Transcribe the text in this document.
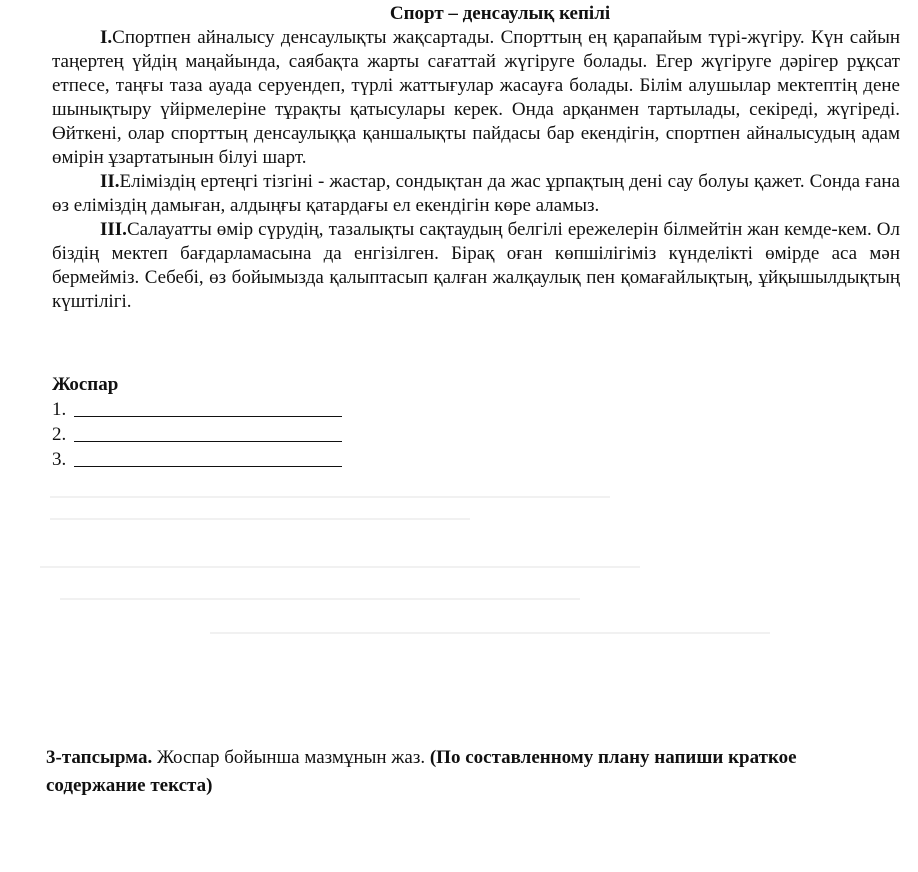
Спорт – денсаулық кепілі

I.Спортпен айналысу денсаулықты жақсартады. Спорттың ең қарапайым түрі-жүгіру. Күн сайын таңертең үйдің маңайында, саябақта жарты сағаттай жүгіруге болады. Егер жүгіруге дәрігер рұқсат етпесе, таңғы таза ауада серуендеп, түрлі жаттығулар жасауға болады. Білім алушылар мектептің дене шынықтыру үйірмелеріне тұрақты қатысулары керек. Онда арқанмен тартылады, секіреді, жүгіреді. Өйткені, олар спорттың денсаулыққа қаншалықты пайдасы бар екендігін, спортпен айналысудың адам өмірін ұзартатынын білуі шарт.

II.Еліміздің ертеңгі тізгіні - жастар, сондықтан да жас ұрпақтың дені сау болуы қажет. Сонда ғана өз еліміздің дамыған, алдыңғы қатардағы ел екендігін көре аламыз.

III.Салауатты өмір сүрудің, тазалықты сақтаудың белгілі ережелерін білмейтін жан кемде-кем. Ол біздің мектеп бағдарламасына да енгізілген. Бірақ оған көпшілігіміз күнделікті өмірде аса мән бермейміз. Себебі, өз бойымызда қалыптасып қалған жалқаулық пен қомағайлықтың, ұйқышылдықтың күштілігі.

Жоспар
1.
2.
3.
3-тапсырма. Жоспар бойынша мазмұнын жаз. (По составленному плану напиши краткое содержание текста)
